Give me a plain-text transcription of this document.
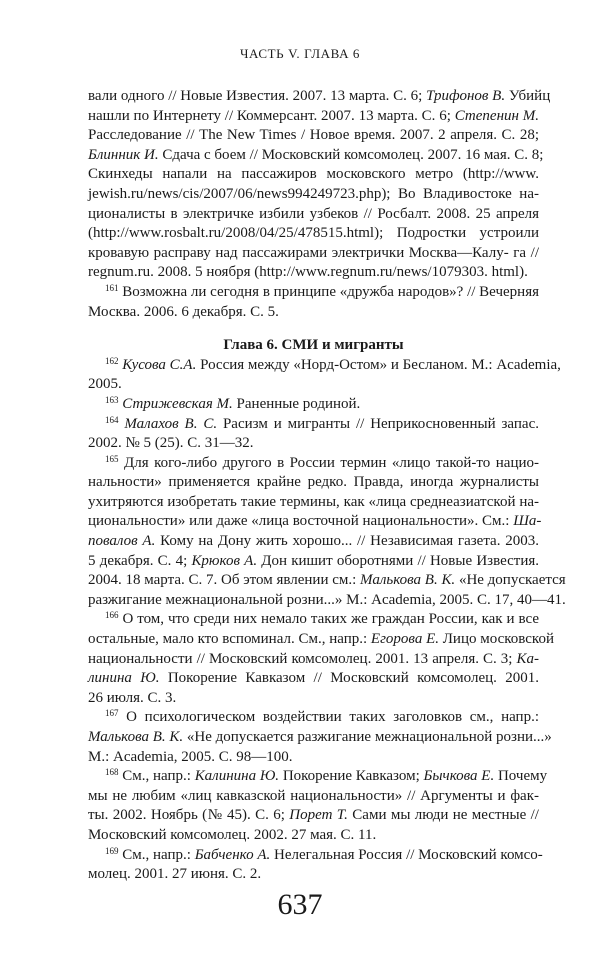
ЧАСТЬ V. ГЛАВА 6
вали одного // Новые Известия. 2007. 13 марта. С. 6; Трифонов В. Убийц
нашли по Интернету // Коммерсант. 2007. 13 марта. С. 6; Степенин М.
Расследование // The New Times / Новое время. 2007. 2 апреля. С. 28;
Блинник И. Сдача с боем // Московский комсомолец. 2007. 16 мая. С. 8;
Скинхеды напали на пассажиров московского метро (http://www.
jewish.ru/news/cis/2007/06/news994249723.php); Во Владивостоке на-
ционалисты в электричке избили узбеков // Росбалт. 2008. 25 апреля
(http://www.rosbalt.ru/2008/04/25/478515.html); Подростки устроили
кровавую расправу над пассажирами электрички Москва—Калу- га //
regnum.ru. 2008. 5 ноября (http://www.regnum.ru/news/1079303. html).
$^{161}$ Возможна ли сегодня в принципе «дружба народов»? // Вечерняя
Москва. 2006. 6 декабря. С. 5.
Глава 6. СМИ и мигранты
$^{162}$ Кусова С.А. Россия между «Норд-Остом» и Бесланом. М.: Academia,
2005.
$^{163}$ Стрижевская М. Раненные родиной.
$^{164}$ Малахов В. С. Расизм и мигранты // Неприкосновенный запас.
2002. № 5 (25). С. 31—32.
$^{165}$ Для кого-либо другого в России термин «лицо такой-то нацио-
нальности» применяется крайне редко. Правда, иногда журналисты
ухитряются изобретать такие термины, как «лица среднеазиатской на-
циональности» или даже «лица восточной национальности». См.: Ша-
повалов А. Кому на Дону жить хорошо... // Независимая газета. 2003.
5 декабря. С. 4; Крюков А. Дон кишит оборотнями // Новые Известия.
2004. 18 марта. С. 7. Об этом явлении см.: Малькова В. К. «Не допускается
разжигание межнациональной розни...» М.: Academia, 2005. С. 17, 40—41.
$^{166}$ О том, что среди них немало таких же граждан России, как и все
остальные, мало кто вспоминал. См., напр.: Егорова Е. Лицо московской
национальности // Московский комсомолец. 2001. 13 апреля. С. 3; Ка-
линина Ю. Покорение Кавказом // Московский комсомолец. 2001.
26 июля. С. 3.
$^{167}$ О психологическом воздействии таких заголовков см., напр.:
Малькова В. К. «Не допускается разжигание межнациональной розни...»
М.: Academia, 2005. С. 98—100.
$^{168}$ См., напр.: Калинина Ю. Покорение Кавказом; Бычкова Е. Почему
мы не любим «лиц кавказской национальности» // Аргументы и фак-
ты. 2002. Ноябрь (№ 45). С. 6; Порет Т. Сами мы люди не местные //
Московский комсомолец. 2002. 27 мая. С. 11.
$^{169}$ См., напр.: Бабченко А. Нелегальная Россия // Московский комсо-
молец. 2001. 27 июня. С. 2.
637
